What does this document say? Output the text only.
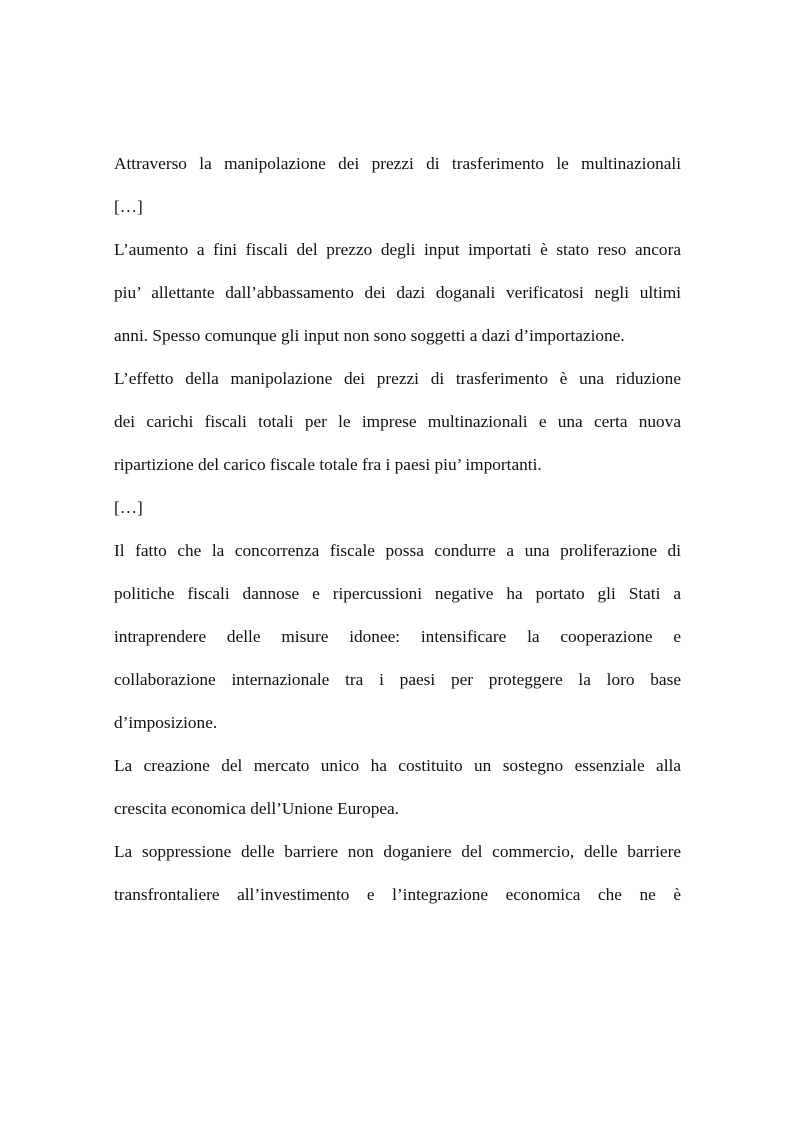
Attraverso la manipolazione dei prezzi di trasferimento le multinazionali
[…]
L’aumento a fini fiscali del prezzo degli input importati è stato reso ancora
piu’ allettante dall’abbassamento dei dazi doganali verificatosi negli ultimi
anni. Spesso comunque gli input non sono soggetti a dazi d’importazione.
L’effetto della manipolazione dei prezzi di trasferimento è una riduzione
dei carichi fiscali totali per le imprese multinazionali e una certa nuova
ripartizione del carico fiscale totale fra i paesi piu’ importanti.
[…]
Il fatto che la concorrenza fiscale possa condurre a una proliferazione di
politiche fiscali dannose e ripercussioni negative ha portato gli Stati a
intraprendere delle misure idonee: intensificare la cooperazione e
collaborazione internazionale tra i paesi per proteggere la loro base
d’imposizione.
La creazione del mercato unico ha costituito un sostegno essenziale alla
crescita economica dell’Unione Europea.
La soppressione delle barriere non doganiere del commercio, delle barriere
transfrontaliere all’investimento e l’integrazione economica che ne è
